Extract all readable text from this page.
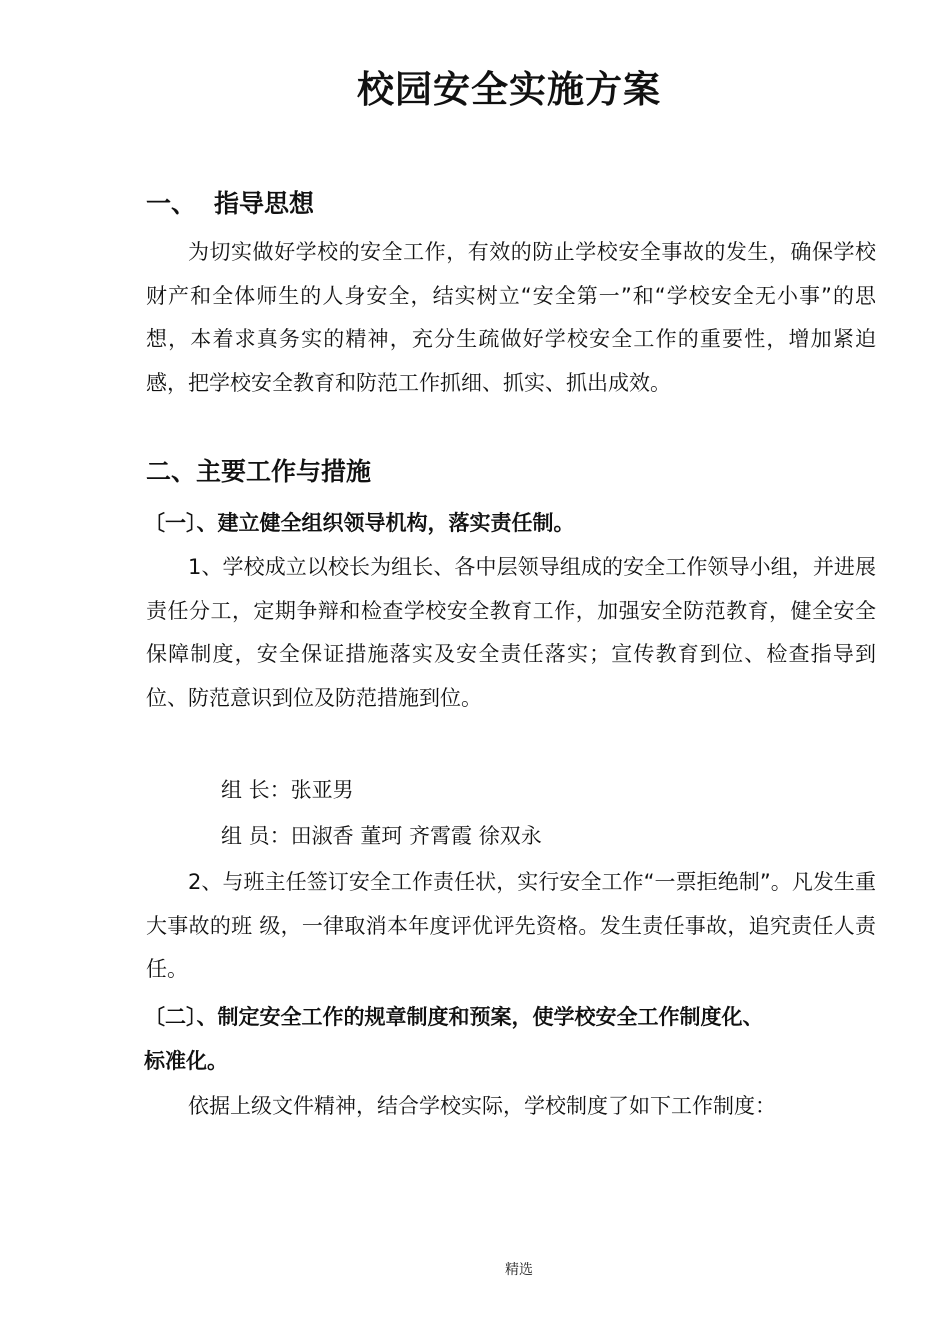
校园安全实施方案
一、 指导思想

为切实做好学校的安全工作，有效的防止学校安全事故的发生，确保学校财产和全体师生的人身安全，结实树立“安全第一”和“学校安全无小事”的思想，本着求真务实的精神，充分生疏做好学校安全工作的重要性，增加紧迫感，把学校安全教育和防范工作抓细、抓实、抓出成效。

二、主要工作与措施
〔一〕、建立健全组织领导机构，落实责任制。

1、学校成立以校长为组长、各中层领导组成的安全工作领导小组，并进展责任分工，定期争辩和检查学校安全教育工作，加强安全防范教育，健全安全保障制度，安全保证措施落实及安全责任落实；宣传教育到位、检查指导到位、防范意识到位及防范措施到位。

组 长：张亚男
组 员：田淑香 董珂 齐霄霞 徐双永

2、与班主任签订安全工作责任状，实行安全工作“一票拒绝制”。凡发生重大事故的班 级，一律取消本年度评优评先资格。发生责任事故，追究责任人责任。

〔二〕、制定安全工作的规章制度和预案，使学校安全工作制度化、
标准化。

依据上级文件精神，结合学校实际，学校制度了如下工作制度：

精选
